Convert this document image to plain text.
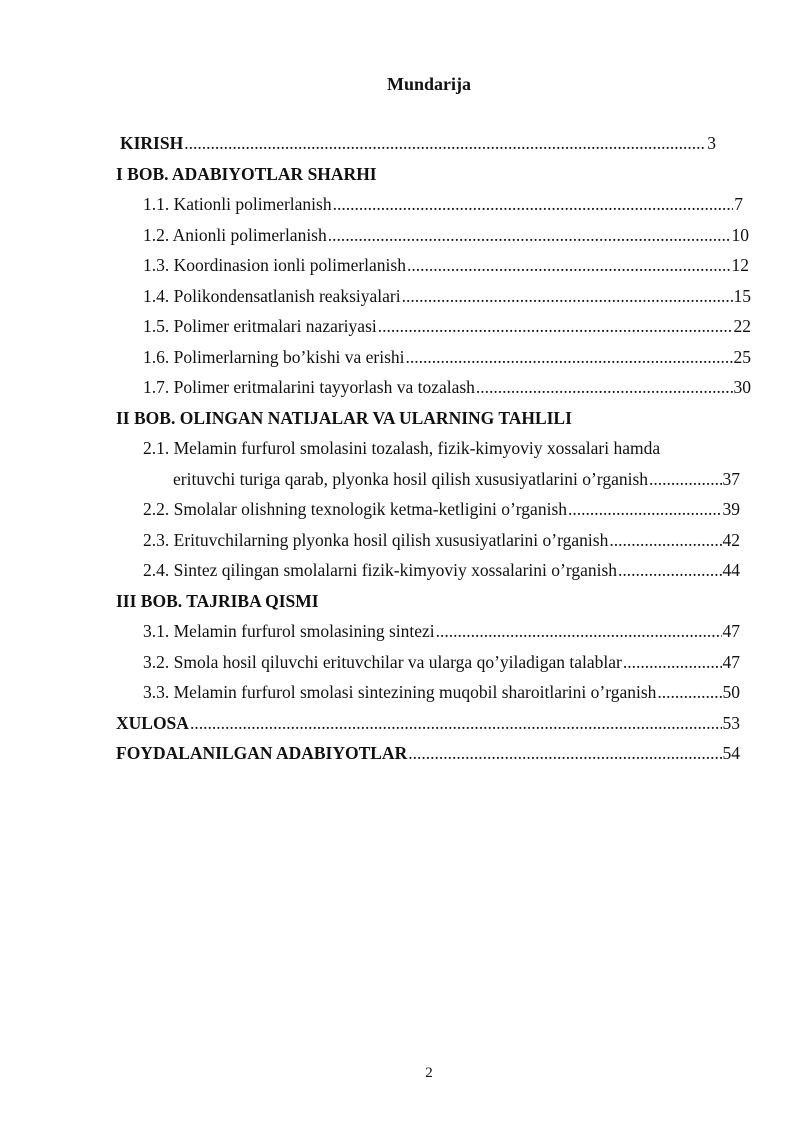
Mundarija
KIRISH .....	3
I BOB. ADABIYOTLAR SHARHI
1.1. Kationli polimerlanish .....	7
1.2. Anionli polimerlanish .....	10
1.3. Koordinasion ionli polimerlanish .....	12
1.4. Polikondensatlanish reaksiyalari .....	15
1.5. Polimer eritmalari nazariyasi .....	22
1.6. Polimerlarning bo’kishi va erishi .....	25
1.7. Polimer eritmalarini tayyorlash va tozalash .....	30
II BOB. OLINGAN NATIJALAR VA ULARNING TAHLILI
2.1. Melamin furfurol smolasini tozalash, fizik-kimyoviy xossalari hamda
erituvchi turiga qarab, plyonka hosil qilish xususiyatlarini o’rganish .....	37
2.2. Smolalar olishning texnologik ketma-ketligini o’rganish .....	39
2.3. Erituvchilarning plyonka hosil qilish xususiyatlarini o’rganish .....	42
2.4. Sintez qilingan smolalarni fizik-kimyoviy xossalarini o’rganish .....	44
III BOB. TAJRIBA QISMI
3.1. Melamin furfurol smolasining sintezi .....	47
3.2. Smola hosil qiluvchi erituvchilar va ularga qo’yiladigan talablar .....	47
3.3. Melamin furfurol smolasi sintezining muqobil sharoitlarini o’rganish .....	50
XULOSA .....	53
FOYDALANILGAN ADABIYOTLAR .....	54
2
